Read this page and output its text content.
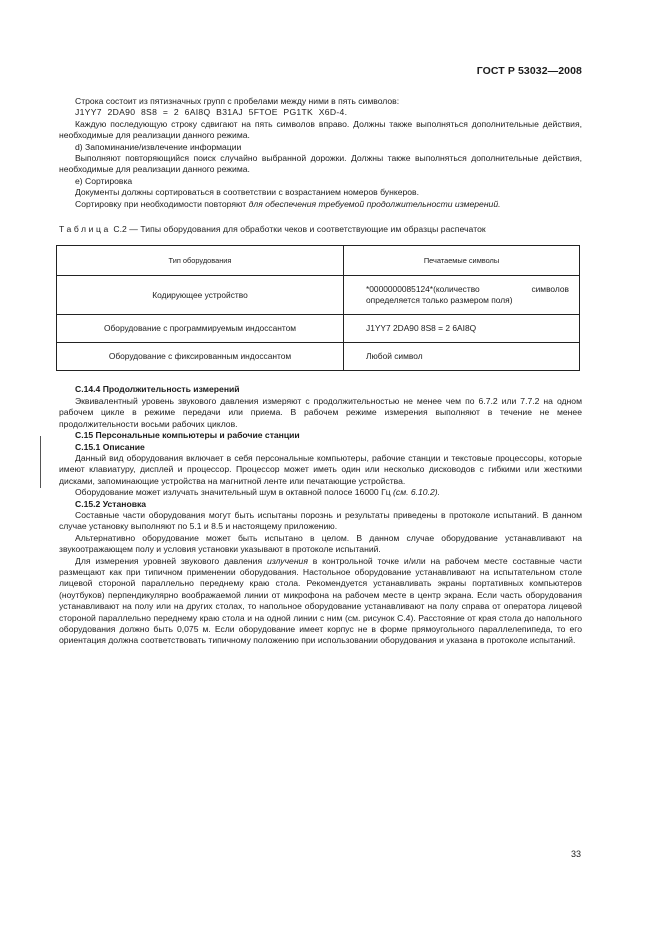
ГОСТ Р 53032—2008

Строка состоит из пятизначных групп с пробелами между ними в пять символов:

J1YY7 2DA90 8S8 = 2 6AI8Q B31AJ 5FTOE PG1TK X6D-4.

Каждую последующую строку сдвигают на пять символов вправо. Должны также выполняться дополнительные действия, необходимые для реализации данного режима.

d) Запоминание/извлечение информации

Выполняют повторяющийся поиск случайно выбранной дорожки. Должны также выполняться дополнительные действия, необходимые для реализации данного режима.

е) Сортировка

Документы должны сортироваться в соответствии с возрастанием номеров бункеров.

Сортировку при необходимости повторяют для обеспечения требуемой продолжительности измерений.

Таблица С.2 — Типы оборудования для обработки чеков и соответствующие им образцы распечаток

Тип оборудования	Печатаемые символы
Кодирующее устройство	*0000000085124*(количество символов определяется только размером поля)
Оборудование с программируемым индоссантом	J1YY7 2DA90 8S8 = 2 6AI8Q
Оборудование с фиксированным индоссантом	Любой символ

С.14.4 Продолжительность измерений

Эквивалентный уровень звукового давления измеряют с продолжительностью не менее чем по 6.7.2 или 7.7.2 на одном рабочем цикле в режиме передачи или приема. В рабочем режиме измерения выполняют в течение не менее продолжительности восьми рабочих циклов.

С.15 Персональные компьютеры и рабочие станции

С.15.1 Описание

Данный вид оборудования включает в себя персональные компьютеры, рабочие станции и текстовые процессоры, которые имеют клавиатуру, дисплей и процессор. Процессор может иметь один или несколько дисководов с гибкими или жесткими дисками, запоминающие устройства на магнитной ленте или печатающие устройства.

Оборудование может излучать значительный шум в октавной полосе 16000 Гц (см. 6.10.2).

С.15.2 Установка

Составные части оборудования могут быть испытаны порознь и результаты приведены в протоколе испытаний. В данном случае установку выполняют по 5.1 и 8.5 и настоящему приложению.

Альтернативно оборудование может быть испытано в целом. В данном случае оборудование устанавливают на звукоотражающем полу и условия установки указывают в протоколе испытаний.

Для измерения уровней звукового давления излучения в контрольной точке и/или на рабочем месте составные части размещают как при типичном применении оборудования. Настольное оборудование устанавливают на испытательном столе лицевой стороной параллельно переднему краю стола. Рекомендуется устанавливать экраны портативных компьютеров (ноутбуков) перпендикулярно воображаемой линии от микрофона на рабочем месте в центр экрана. Если часть оборудования устанавливают на полу или на других столах, то напольное оборудование устанавливают на полу справа от оператора лицевой стороной параллельно переднему краю стола и на одной линии с ним (см. рисунок С.4). Расстояние от края стола до напольного оборудования должно быть 0,075 м. Если оборудование имеет корпус не в форме прямоугольного параллелепипеда, то его ориентация должна соответствовать типичному положению при использовании оборудования и указана в протоколе испытаний.

33
